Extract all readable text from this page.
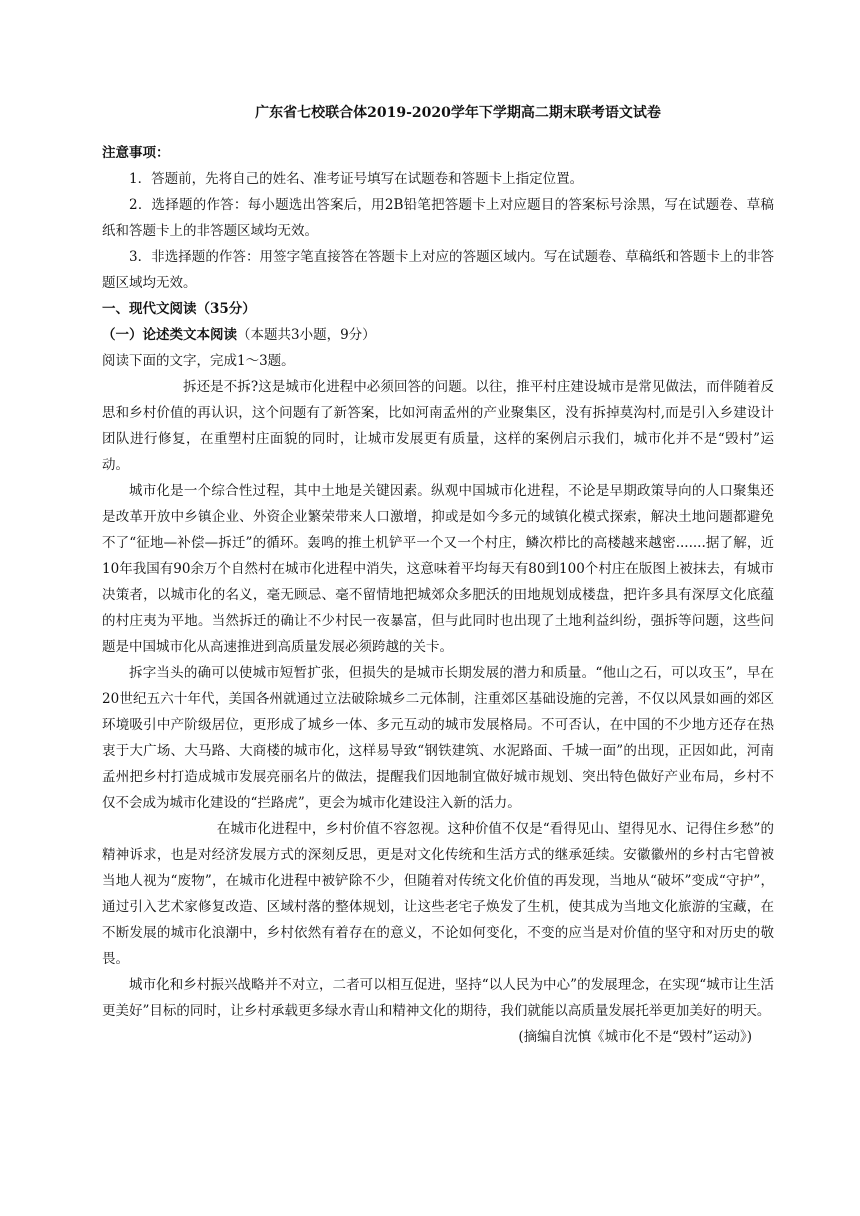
广东省七校联合体2019-2020学年下学期高二期末联考语文试卷
注意事项：

1．答题前，先将自己的姓名、准考证号填写在试题卷和答题卡上指定位置。

2．选择题的作答：每小题选出答案后，用2B铅笔把答题卡上对应题目的答案标号涂黑，写在试题卷、草稿纸和答题卡上的非答题区域均无效。

3．非选择题的作答：用签字笔直接答在答题卡上对应的答题区域内。写在试题卷、草稿纸和答题卡上的非答题区域均无效。

一、现代文阅读（35分）
（一）论述类文本阅读（本题共3小题，9分）

阅读下面的文字，完成1～3题。

拆还是不拆?这是城市化进程中必须回答的问题。以往，推平村庄建设城市是常见做法，而伴随着反思和乡村价值的再认识，这个问题有了新答案，比如河南孟州的产业聚集区，没有拆掉莫沟村,而是引入乡建设计团队进行修复，在重塑村庄面貌的同时，让城市发展更有质量，这样的案例启示我们，城市化并不是“毁村”运动。

城市化是一个综合性过程，其中土地是关键因素。纵观中国城市化进程，不论是早期政策导向的人口聚集还是改革开放中乡镇企业、外资企业繁荣带来人口激增，抑或是如今多元的域镇化模式探索，解决土地问题都避免不了“征地—补偿—拆迁”的循环。轰鸣的推土机铲平一个又一个村庄，鳞次栉比的高楼越来越密.......据了解，近10年我国有90余万个自然村在城市化进程中消失，这意味着平均每天有80到100个村庄在版图上被抹去，有城市决策者，以城市化的名义，毫无顾忌、毫不留情地把城郊众多肥沃的田地规划成楼盘，把许多具有深厚文化底蕴的村庄夷为平地。当然拆迁的确让不少村民一夜暴富，但与此同时也出现了土地利益纠纷，强拆等问题，这些问题是中国城市化从高速推进到高质量发展必须跨越的关卡。

拆字当头的确可以使城市短暂扩张，但损失的是城市长期发展的潜力和质量。“他山之石，可以攻玉”，早在20世纪五六十年代，美国各州就通过立法破除城乡二元体制，注重郊区基础设施的完善，不仅以风景如画的郊区环境吸引中产阶级居位，更形成了城乡一体、多元互动的城市发展格局。不可否认，在中国的不少地方还存在热衷于大广场、大马路、大商楼的城市化，这样易导致“钢铁建筑、水泥路面、千城一面”的出现，正因如此，河南孟州把乡村打造成城市发展亮丽名片的做法，提醒我们因地制宜做好城市规划、突出特色做好产业布局，乡村不仅不会成为城市化建设的“拦路虎”，更会为城市化建设注入新的活力。

在城市化进程中，乡村价值不容忽视。这种价值不仅是“看得见山、望得见水、记得住乡愁”的精神诉求，也是对经济发展方式的深刻反思，更是对文化传统和生活方式的继承延续。安徽徽州的乡村古宅曾被当地人视为“废物”，在城市化进程中被铲除不少，但随着对传统文化价值的再发现，当地从“破坏”变成“守护”，通过引入艺术家修复改造、区域村落的整体规划，让这些老宅子焕发了生机，使其成为当地文化旅游的宝藏，在不断发展的城市化浪潮中，乡村依然有着存在的意义，不论如何变化，不变的应当是对价值的坚守和对历史的敬畏。

城市化和乡村振兴战略并不对立，二者可以相互促进，坚持“以人民为中心”的发展理念，在实现“城市让生活更美好”目标的同时，让乡村承载更多绿水青山和精神文化的期待，我们就能以高质量发展托举更加美好的明天。

(摘编自沈慎《城市化不是“毁村”运动》)
